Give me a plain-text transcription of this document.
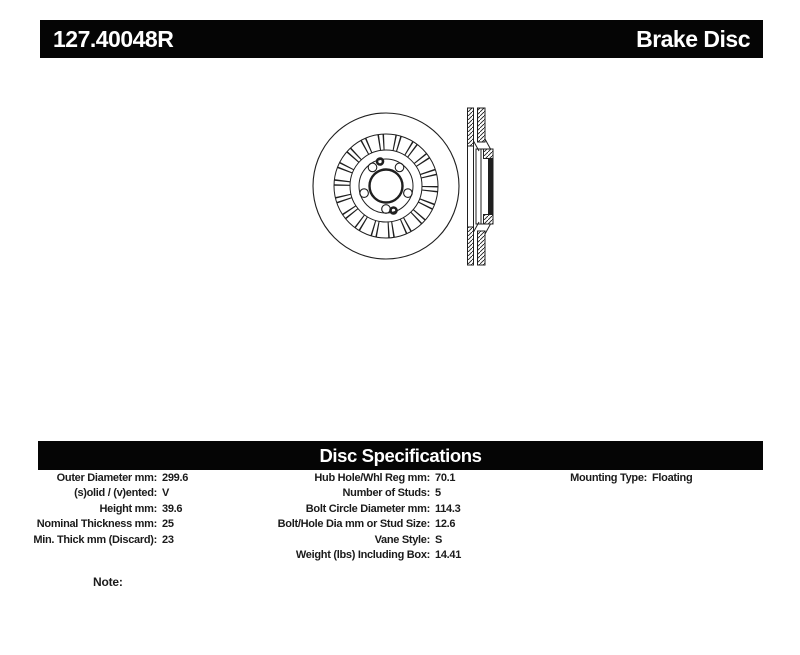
127.40048R	Brake Disc
Disc Specifications
Outer Diameter mm:
(s)olid / (v)ented:
Height mm:
Nominal Thickness mm:
Min. Thick mm (Discard):
299.6
V
39.6
25
23
Hub Hole/Whl Reg mm:
Number of Studs:
Bolt Circle Diameter mm:
Bolt/Hole Dia mm or Stud Size:
Vane Style:
Weight (lbs) Including Box:
70.1
5
114.3
12.6
S
14.41
Mounting Type: Floating
Note:
